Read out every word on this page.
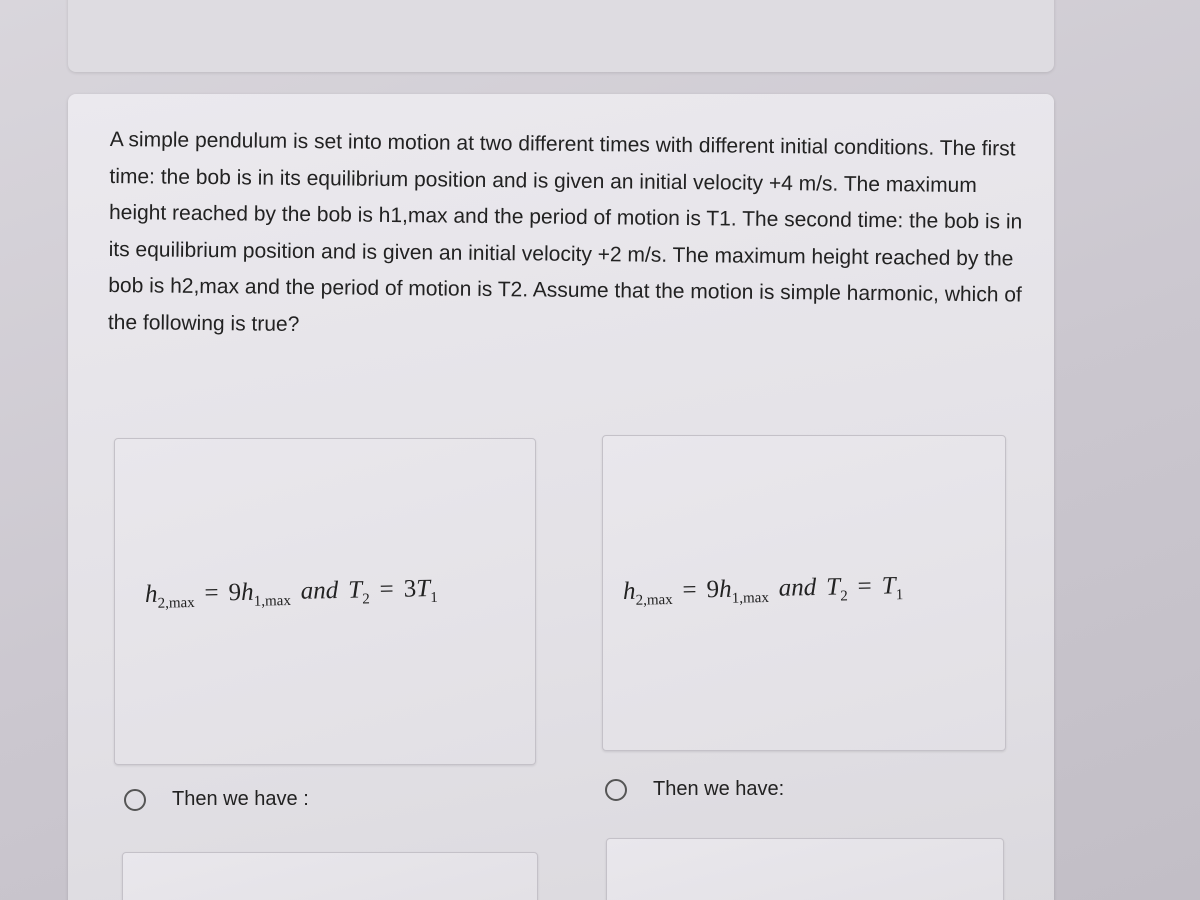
A simple pendulum is set into motion at two different times with different initial conditions. The first time: the bob is in its equilibrium position and is given an initial velocity +4 m/s. The maximum height reached by the bob is h1,max and the period of motion is T1. The second time: the bob is in its equilibrium position and is given an initial velocity +2 m/s. The maximum height reached by the bob is h2,max and the period of motion is T2. Assume that the motion is simple harmonic, which of the following is true?

$h_{2,max} = 9h_{1,max}$ and $T_2 = 3T_1$	$h_{2,max} = 9h_{1,max}$ and $T_2 = T_1$
Then we have :	Then we have:
